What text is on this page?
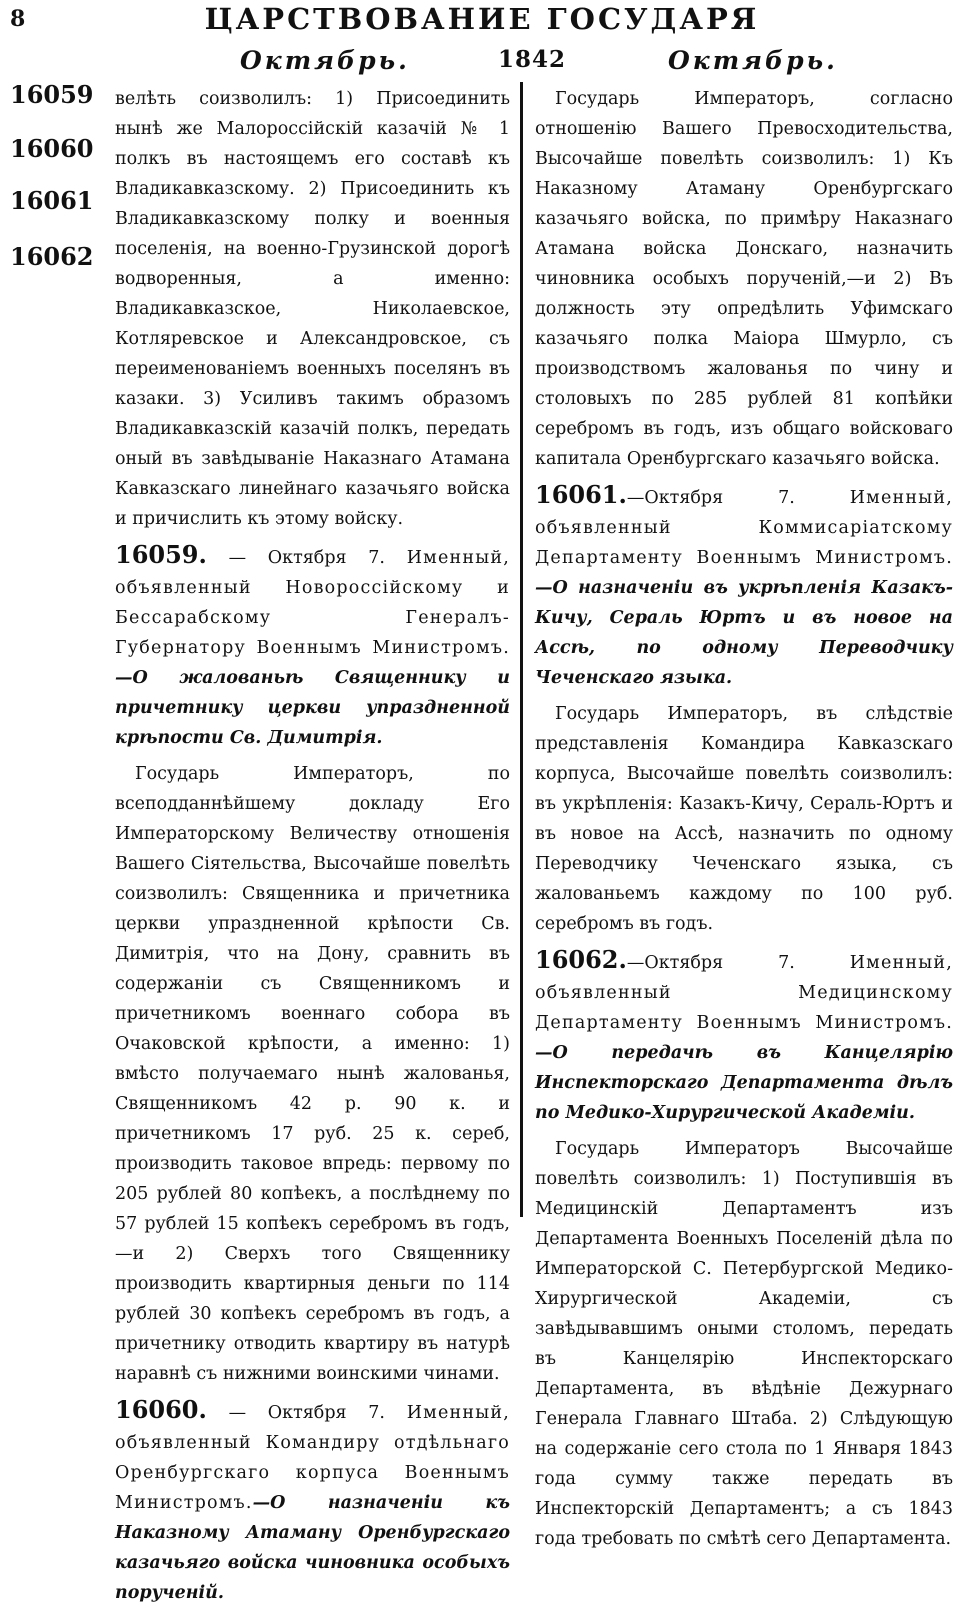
8	ЦАРСТВОВАНИЕ ГОСУДАРЯ
Октябрь.	1842	Октябрь.
16059
16060
16061
16062

велѣть соизволилъ: 1) Присоединить нынѣ же Малороссійскій казачій № 1 полкъ въ настоящемъ его составѣ къ Владикавказскому. 2) Присоединить къ Владикавказскому полку и военныя поселенія, на военно-Грузинской дорогѣ водворенныя, а именно: Владикавказское, Николаевское, Котляревское и Александровское, съ переименованіемъ военныхъ поселянъ въ казаки. 3) Усиливъ такимъ образомъ Владикавказскій казачій полкъ, передать оный въ завѣдываніе Наказнаго Атамана Кавказскаго линейнаго казачьяго войска и причислить къ этому войску.

16059. — Октября 7. Именный, объявленный Новороссійскому и Бессарабскому Генералъ-Губернатору Военнымъ Министромъ.—О жалованьѣ Священнику и причетнику церкви упраздненной крѣпости Св. Димитрія.

Государь Императоръ, по всеподданнѣйшему докладу Его Императорскому Величеству отношенія Вашего Сіятельства, Высочайше повелѣть соизволилъ: Священника и причетника церкви упраздненной крѣпости Св. Димитрія, что на Дону, сравнить въ содержаніи съ Священникомъ и причетникомъ военнаго собора въ Очаковской крѣпости, а именно: 1) вмѣсто получаемаго нынѣ жалованья, Священникомъ 42 р. 90 к. и причетникомъ 17 руб. 25 к. сереб, производить таковое впредь: первому по 205 рублей 80 копѣекъ, а послѣднему по 57 рублей 15 копѣекъ серебромъ въ годъ,—и 2) Сверхъ того Священнику производить квартирныя деньги по 114 рублей 30 копѣекъ серебромъ въ годъ, а причетнику отводить квартиру въ натурѣ наравнѣ съ нижними воинскими чинами.

16060. — Октября 7. Именный, объявленный Командиру отдѣльнаго Оренбургскаго корпуса Военнымъ Министромъ.—О назначеніи къ Наказному Атаману Оренбургскаго казачьяго войска чиновника особыхъ порученій.

Государь Императоръ, согласно отношенію Вашего Превосходительства, Высочайше повелѣть соизволилъ: 1) Къ Наказному Атаману Оренбургскаго казачьяго войска, по примѣру Наказнаго Атамана войска Донскаго, назначить чиновника особыхъ порученій,—и 2) Въ должность эту опредѣлить Уфимскаго казачьяго полка Маіора Шмурло, съ производствомъ жалованья по чину и столовыхъ по 285 рублей 81 копѣйки серебромъ въ годъ, изъ общаго войсковаго капитала Оренбургскаго казачьяго войска.

16061.—Октября 7. Именный, объявленный Коммисаріатскому Департаменту Военнымъ Министромъ.—О назначеніи въ укрѣпленія Казакъ-Кичу, Сераль Юртъ и въ новое на Ассѣ, по одному Переводчику Чеченскаго языка.

Государь Императоръ, въ слѣдствіе представленія Командира Кавказскаго корпуса, Высочайше повелѣть соизволилъ: въ укрѣпленія: Казакъ-Кичу, Сераль-Юртъ и въ новое на Ассѣ, назначить по одному Переводчику Чеченскаго языка, съ жалованьемъ каждому по 100 руб. серебромъ въ годъ.

16062.—Октября 7. Именный, объявленный Медицинскому Департаменту Военнымъ Министромъ.—О передачѣ въ Канцелярію Инспекторскаго Департамента дѣлъ по Медико-Хирургической Академіи.

Государь Императоръ Высочайше повелѣть соизволилъ: 1) Поступившія въ Медицинскій Департаментъ изъ Департамента Военныхъ Поселеній дѣла по Императорской С. Петербургской Медико-Хирургической Академіи, съ завѣдывавшимъ оными столомъ, передать въ Канцелярію Инспекторскаго Департамента, въ вѣдѣніе Дежурнаго Генерала Главнаго Штаба. 2) Слѣдующую на содержаніе сего стола по 1 Января 1843 года сумму также передать въ Инспекторскій Департаментъ; а съ 1843 года требовать по смѣтѣ сего Департамента.
